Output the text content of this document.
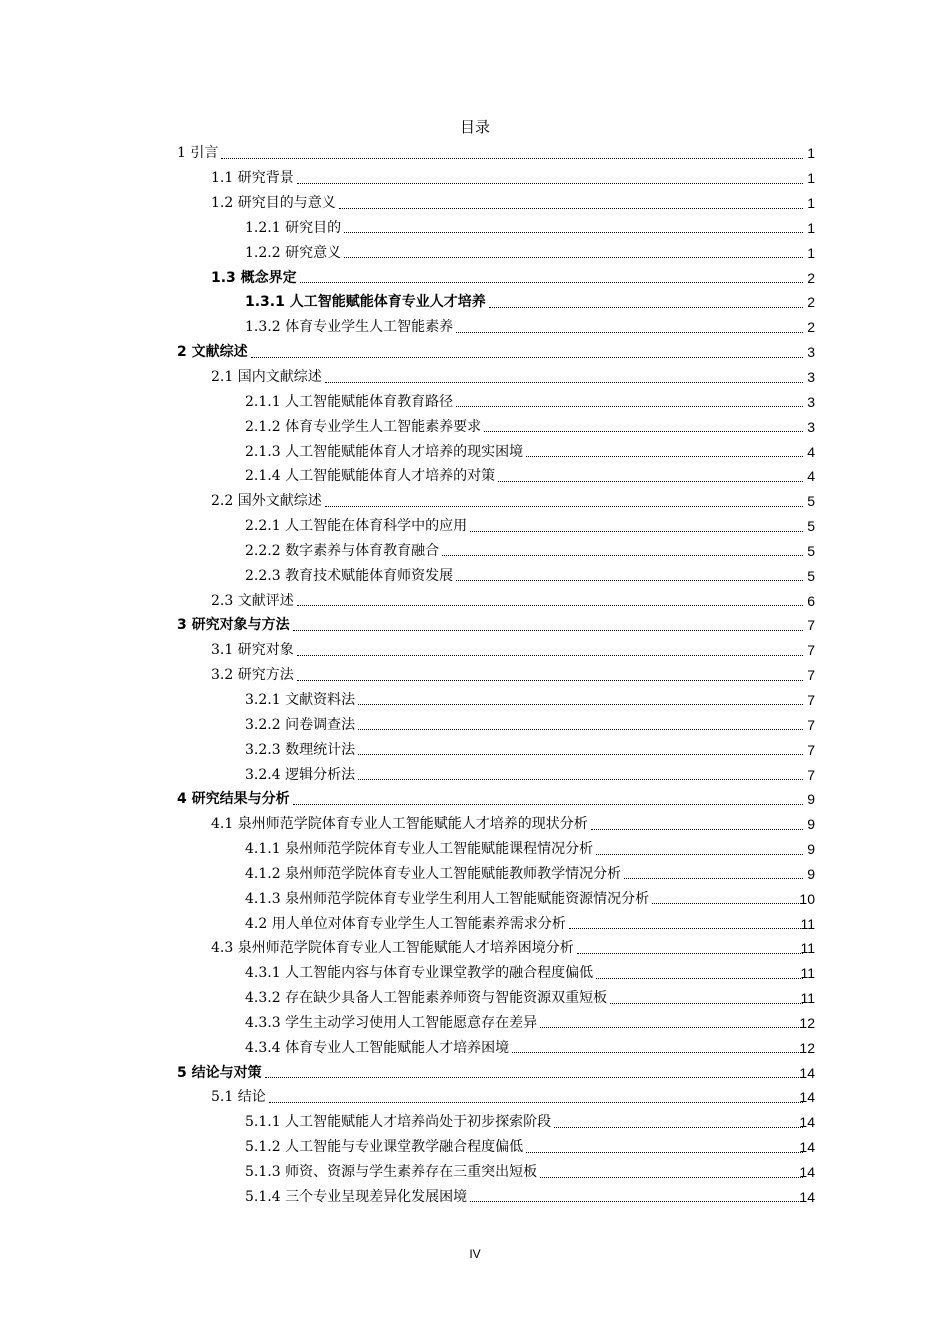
目录
1 引言	1
1.1 研究背景	1
1.2 研究目的与意义	1
1.2.1 研究目的	1
1.2.2 研究意义	1
1.3 概念界定	2
1.3.1 人工智能赋能体育专业人才培养	2
1.3.2 体育专业学生人工智能素养	2
2 文献综述	3
2.1 国内文献综述	3
2.1.1 人工智能赋能体育教育路径	3
2.1.2 体育专业学生人工智能素养要求	3
2.1.3 人工智能赋能体育人才培养的现实困境	4
2.1.4 人工智能赋能体育人才培养的对策	4
2.2 国外文献综述	5
2.2.1 人工智能在体育科学中的应用	5
2.2.2 数字素养与体育教育融合	5
2.2.3 教育技术赋能体育师资发展	5
2.3 文献评述	6
3 研究对象与方法	7
3.1 研究对象	7
3.2 研究方法	7
3.2.1 文献资料法	7
3.2.2 问卷调查法	7
3.2.3 数理统计法	7
3.2.4 逻辑分析法	7
4 研究结果与分析	9
4.1 泉州师范学院体育专业人工智能赋能人才培养的现状分析	9
4.1.1 泉州师范学院体育专业人工智能赋能课程情况分析	9
4.1.2 泉州师范学院体育专业人工智能赋能教师教学情况分析	9
4.1.3 泉州师范学院体育专业学生利用人工智能赋能资源情况分析	10
4.2 用人单位对体育专业学生人工智能素养需求分析	11
4.3 泉州师范学院体育专业人工智能赋能人才培养困境分析	11
4.3.1 人工智能内容与体育专业课堂教学的融合程度偏低	11
4.3.2 存在缺少具备人工智能素养师资与智能资源双重短板	11
4.3.3 学生主动学习使用人工智能愿意存在差异	12
4.3.4 体育专业人工智能赋能人才培养困境	12
5 结论与对策	14
5.1 结论	14
5.1.1 人工智能赋能人才培养尚处于初步探索阶段	14
5.1.2 人工智能与专业课堂教学融合程度偏低	14
5.1.3 师资、资源与学生素养存在三重突出短板	14
5.1.4 三个专业呈现差异化发展困境	14
IV
